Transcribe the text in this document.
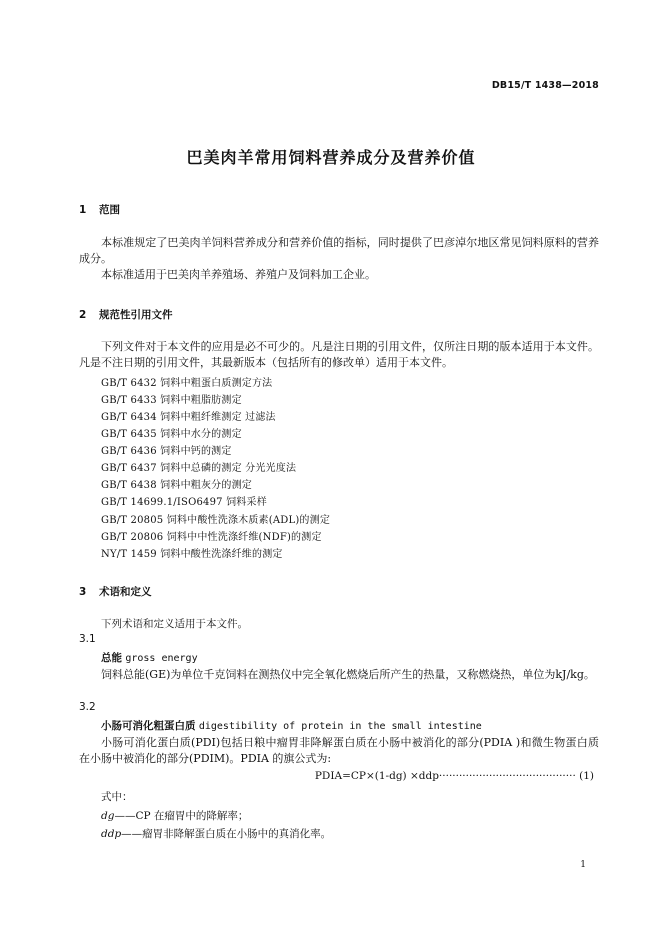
DB15/T 1438—2018
巴美肉羊常用饲料营养成分及营养价值
1 范围
本标准规定了巴美肉羊饲料营养成分和营养价值的指标，同时提供了巴彦淖尔地区常见饲料原料的营养成分。
本标准适用于巴美肉羊养殖场、养殖户及饲料加工企业。
2 规范性引用文件
下列文件对于本文件的应用是必不可少的。凡是注日期的引用文件，仅所注日期的版本适用于本文件。凡是不注日期的引用文件，其最新版本（包括所有的修改单）适用于本文件。
GB/T 6432 饲料中粗蛋白质测定方法
GB/T 6433 饲料中粗脂肪测定
GB/T 6434 饲料中粗纤维测定 过滤法
GB/T 6435 饲料中水分的测定
GB/T 6436 饲料中钙的测定
GB/T 6437 饲料中总磷的测定 分光光度法
GB/T 6438 饲料中粗灰分的测定
GB/T 14699.1/ISO6497 饲料采样
GB/T 20805 饲料中酸性洗涤木质素(ADL)的测定
GB/T 20806 饲料中中性洗涤纤维(NDF)的测定
NY/T 1459 饲料中酸性洗涤纤维的测定
3 术语和定义
下列术语和定义适用于本文件。
3.1
总能 gross energy
饲料总能(GE)为单位千克饲料在测热仪中完全氧化燃烧后所产生的热量，又称燃烧热，单位为kJ/kg。
3.2
小肠可消化粗蛋白质 digestibility of protein in the small intestine
小肠可消化蛋白质(PDI)包括日粮中瘤胃非降解蛋白质在小肠中被消化的部分(PDIA )和微生物蛋白质在小肠中被消化的部分(PDIM)。PDIA 的旗公式为:
PDIA=CP×(1-dg) ×ddp········································· (1)
式中：
dg——CP 在瘤胃中的降解率；
ddp——瘤胃非降解蛋白质在小肠中的真消化率。
1
